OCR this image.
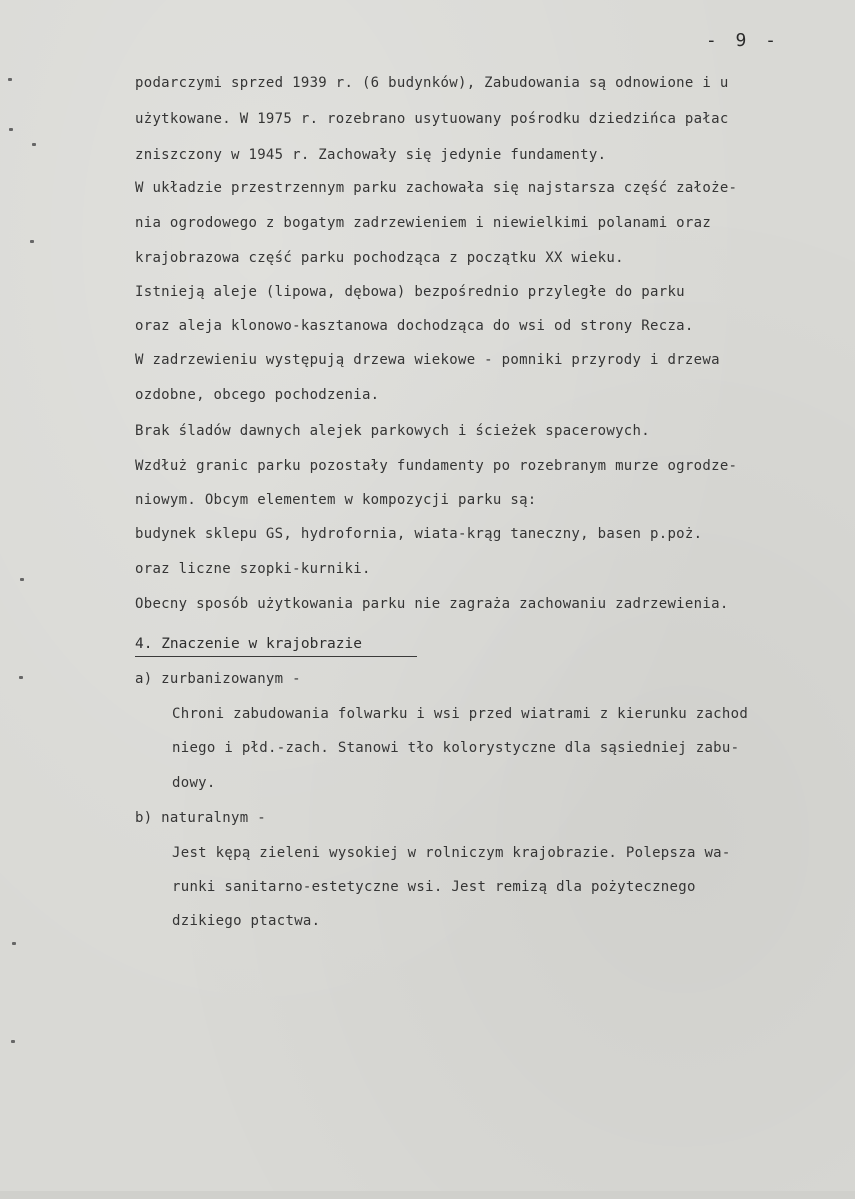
- 9 -
podarczymi sprzed 1939 r. (6 budynków), Zabudowania są odnowione i u
użytkowane. W 1975 r. rozebrano usytuowany pośrodku dziedzińca pałac
zniszczony w 1945 r. Zachowały się jedynie fundamenty.
W układzie przestrzennym parku zachowała się najstarsza część założe-
nia ogrodowego z bogatym zadrzewieniem i niewielkimi polanami oraz
krajobrazowa część parku pochodząca z początku XX wieku.
Istnieją aleje (lipowa, dębowa) bezpośrednio przyległe do parku
oraz aleja klonowo-kasztanowa dochodząca do wsi od strony Recza.
W zadrzewieniu występują drzewa wiekowe - pomniki przyrody i drzewa
ozdobne, obcego pochodzenia.
Brak śladów dawnych alejek parkowych i ścieżek spacerowych.
Wzdłuż granic parku pozostały fundamenty po rozebranym murze ogrodze-
niowym. Obcym elementem w kompozycji parku są:
budynek sklepu GS, hydrofornia, wiata-krąg taneczny, basen p.poż.
oraz liczne szopki-kurniki.
Obecny sposób użytkowania parku nie zagraża zachowaniu zadrzewienia.
4. Znaczenie w krajobrazie
a) zurbanizowanym -
Chroni zabudowania folwarku i wsi przed wiatrami z kierunku zachod
niego i płd.-zach. Stanowi tło kolorystyczne dla sąsiedniej zabu-
dowy.
b) naturalnym -
Jest kępą zieleni wysokiej w rolniczym krajobrazie. Polepsza wa-
runki sanitarno-estetyczne wsi. Jest remizą dla pożytecznego
dzikiego ptactwa.
